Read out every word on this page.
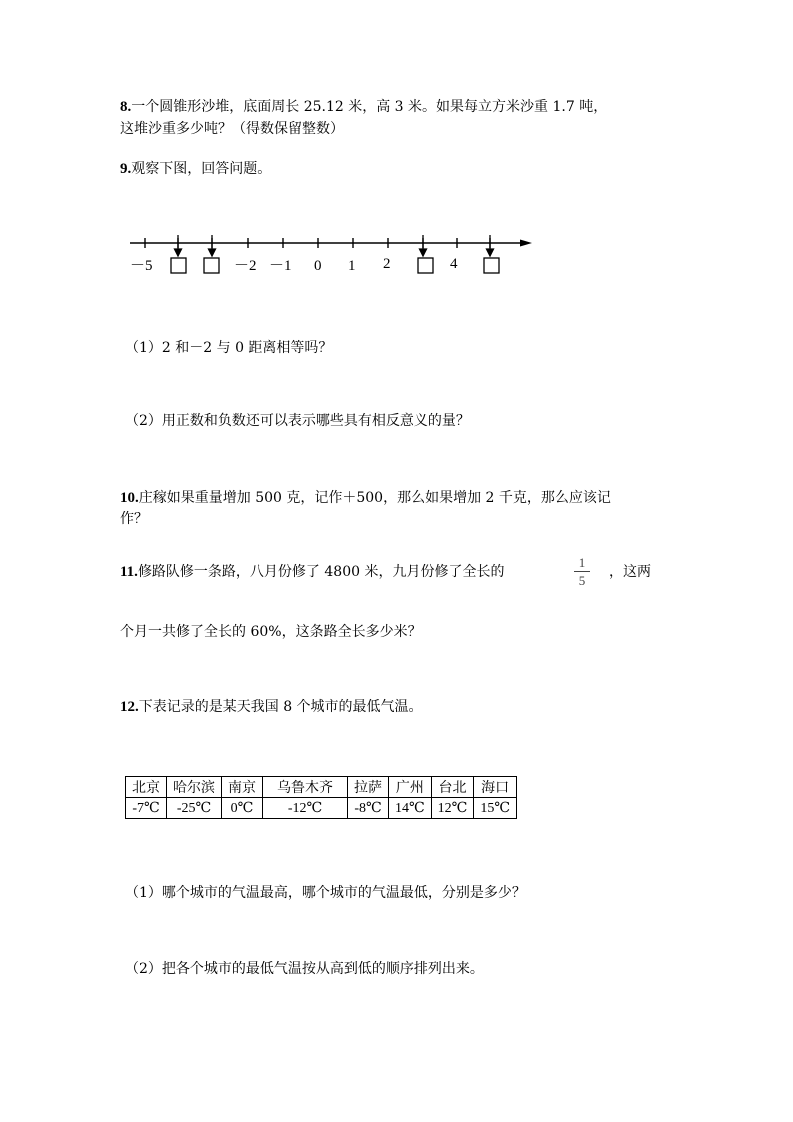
8.一个圆锥形沙堆，底面周长 25.12 米，高 3 米。如果每立方米沙重 1.7 吨，
这堆沙重多少吨？（得数保留整数）
9.观察下图，回答问题。
－5	－2 －1 0 1 2	4
（1）2 和－2 与 0 距离相等吗？
（2）用正数和负数还可以表示哪些具有相反意义的量？
10.庄稼如果重量增加 500 克，记作＋500，那么如果增加 2 千克，那么应该记
作？
11.修路队修一条路，八月份修了 4800 米，九月份修了全长的
1
5
，这两
个月一共修了全长的 60%，这条路全长多少米？
12.下表记录的是某天我国 8 个城市的最低气温。
北京	哈尔滨	南京	乌鲁木齐	拉萨	广州	台北	海口
-7℃	-25℃	0℃	-12℃	-8℃	14℃	12℃	15℃
（1）哪个城市的气温最高，哪个城市的气温最低，分别是多少？
（2）把各个城市的最低气温按从高到低的顺序排列出来。
